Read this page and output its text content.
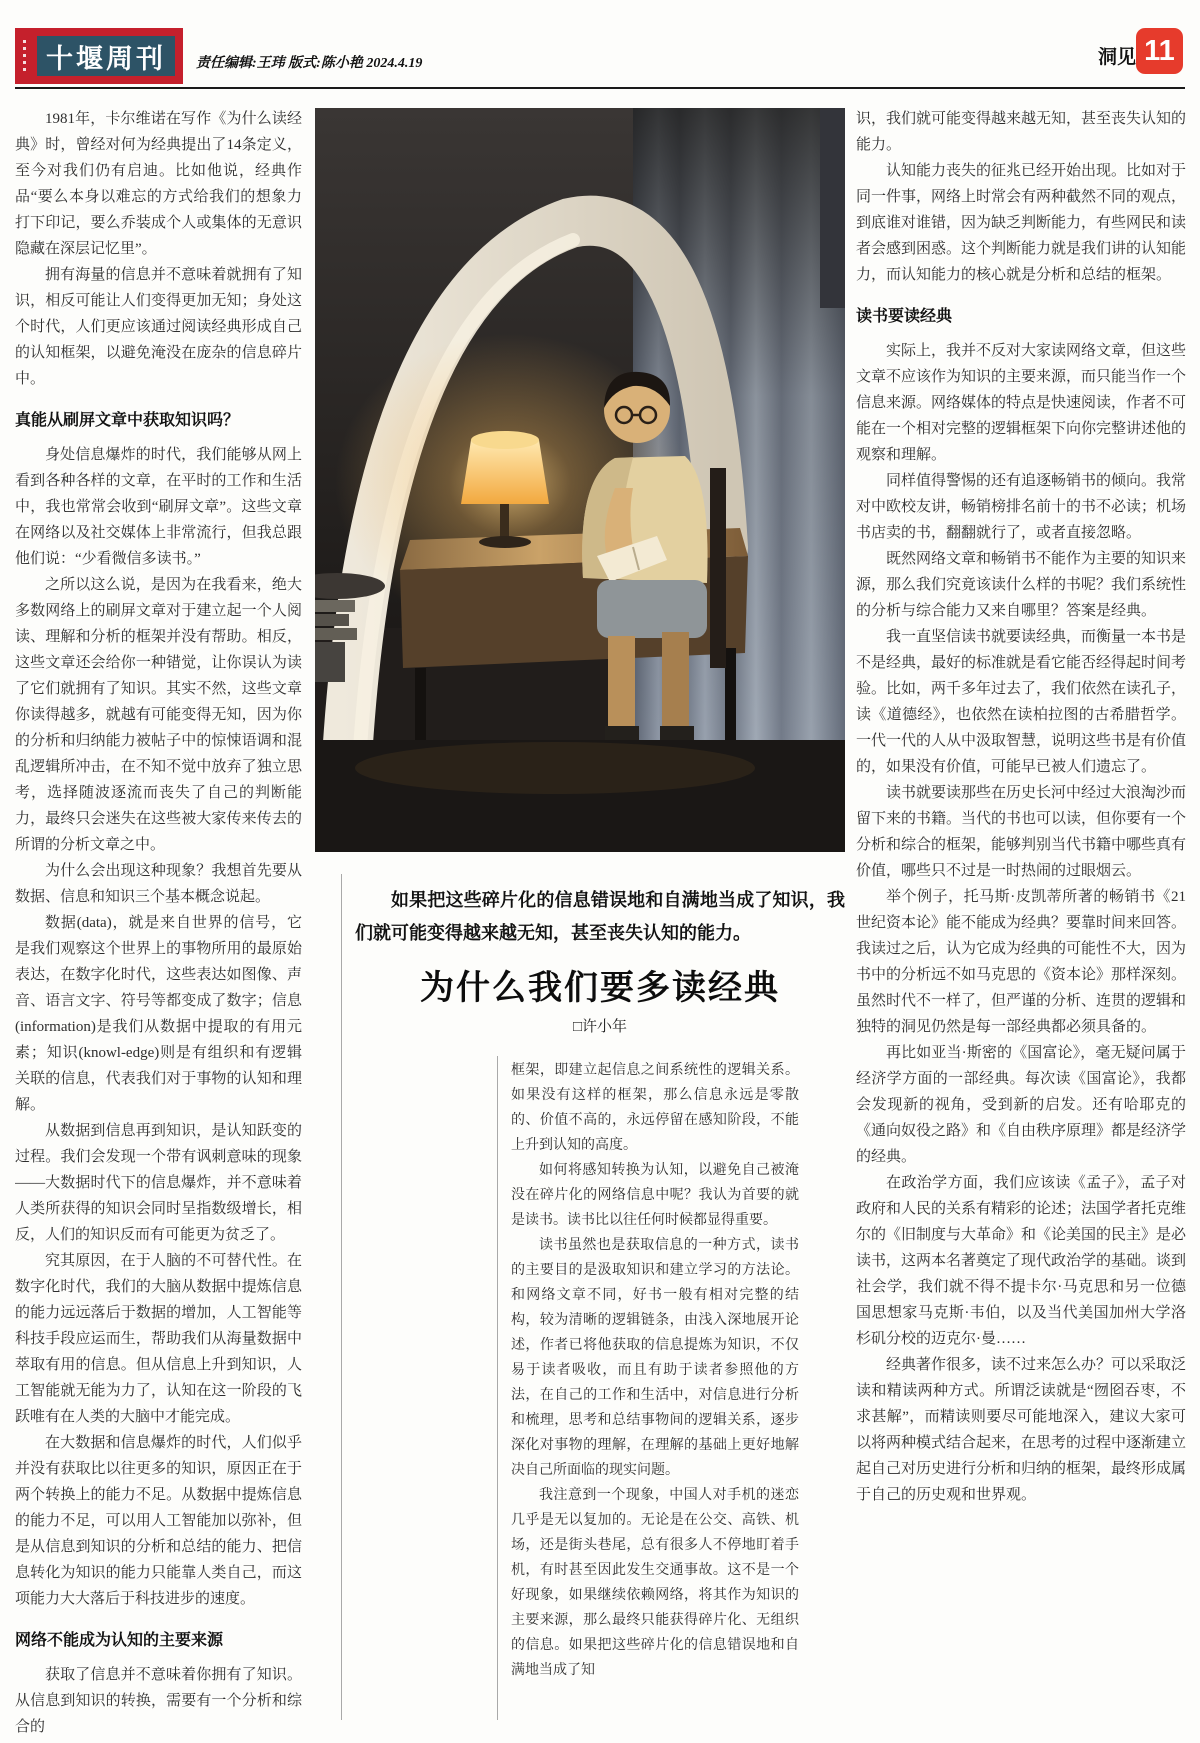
十堰周刊 责任编辑:王玮 版式:陈小艳 2024.4.19	洞见 11

1981年，卡尔维诺在写作《为什么读经典》时，曾经对何为经典提出了14条定义，至今对我们仍有启迪。比如他说，经典作品“要么本身以难忘的方式给我们的想象力打下印记，要么乔装成个人或集体的无意识隐藏在深层记忆里”。

拥有海量的信息并不意味着就拥有了知识，相反可能让人们变得更加无知；身处这个时代，人们更应该通过阅读经典形成自己的认知框架，以避免淹没在庞杂的信息碎片中。

真能从刷屏文章中获取知识吗？

身处信息爆炸的时代，我们能够从网上看到各种各样的文章，在平时的工作和生活中，我也常常会收到“刷屏文章”。这些文章在网络以及社交媒体上非常流行，但我总跟他们说：“少看微信多读书。”

之所以这么说，是因为在我看来，绝大多数网络上的刷屏文章对于建立起一个人阅读、理解和分析的框架并没有帮助。相反，这些文章还会给你一种错觉，让你误认为读了它们就拥有了知识。其实不然，这些文章你读得越多，就越有可能变得无知，因为你的分析和归纳能力被帖子中的惊悚语调和混乱逻辑所冲击，在不知不觉中放弃了独立思考，选择随波逐流而丧失了自己的判断能力，最终只会迷失在这些被大家传来传去的所谓的分析文章之中。

为什么会出现这种现象？我想首先要从数据、信息和知识三个基本概念说起。

数据(data)，就是来自世界的信号，它是我们观察这个世界上的事物所用的最原始表达，在数字化时代，这些表达如图像、声音、语言文字、符号等都变成了数字；信息(information)是我们从数据中提取的有用元素；知识(knowl-edge)则是有组织和有逻辑关联的信息，代表我们对于事物的认知和理解。

从数据到信息再到知识，是认知跃变的过程。我们会发现一个带有讽刺意味的现象——大数据时代下的信息爆炸，并不意味着人类所获得的知识会同时呈指数级增长，相反，人们的知识反而有可能更为贫乏了。

究其原因，在于人脑的不可替代性。在数字化时代，我们的大脑从数据中提炼信息的能力远远落后于数据的增加，人工智能等科技手段应运而生，帮助我们从海量数据中萃取有用的信息。但从信息上升到知识，人工智能就无能为力了，认知在这一阶段的飞跃唯有在人类的大脑中才能完成。

在大数据和信息爆炸的时代，人们似乎并没有获取比以往更多的知识，原因正在于两个转换上的能力不足。从数据中提炼信息的能力不足，可以用人工智能加以弥补，但是从信息到知识的分析和总结的能力、把信息转化为知识的能力只能靠人类自己，而这项能力大大落后于科技进步的速度。

网络不能成为认知的主要来源

获取了信息并不意味着你拥有了知识。从信息到知识的转换，需要有一个分析和综合的

如果把这些碎片化的信息错误地和自满地当成了知识，我们就可能变得越来越无知，甚至丧失认知的能力。

为什么我们要多读经典
□许小年

框架，即建立起信息之间系统性的逻辑关系。如果没有这样的框架，那么信息永远是零散的、价值不高的，永远停留在感知阶段，不能上升到认知的高度。

如何将感知转换为认知，以避免自己被淹没在碎片化的网络信息中呢？我认为首要的就是读书。读书比以往任何时候都显得重要。

读书虽然也是获取信息的一种方式，读书的主要目的是汲取知识和建立学习的方法论。和网络文章不同，好书一般有相对完整的结构，较为清晰的逻辑链条，由浅入深地展开论述，作者已将他获取的信息提炼为知识，不仅易于读者吸收，而且有助于读者参照他的方法，在自己的工作和生活中，对信息进行分析和梳理，思考和总结事物间的逻辑关系，逐步深化对事物的理解，在理解的基础上更好地解决自己所面临的现实问题。

我注意到一个现象，中国人对手机的迷恋几乎是无以复加的。无论是在公交、高铁、机场，还是街头巷尾，总有很多人不停地盯着手机，有时甚至因此发生交通事故。这不是一个好现象，如果继续依赖网络，将其作为知识的主要来源，那么最终只能获得碎片化、无组织的信息。如果把这些碎片化的信息错误地和自满地当成了知

识，我们就可能变得越来越无知，甚至丧失认知的能力。

认知能力丧失的征兆已经开始出现。比如对于同一件事，网络上时常会有两种截然不同的观点，到底谁对谁错，因为缺乏判断能力，有些网民和读者会感到困惑。这个判断能力就是我们讲的认知能力，而认知能力的核心就是分析和总结的框架。

读书要读经典

实际上，我并不反对大家读网络文章，但这些文章不应该作为知识的主要来源，而只能当作一个信息来源。网络媒体的特点是快速阅读，作者不可能在一个相对完整的逻辑框架下向你完整讲述他的观察和理解。

同样值得警惕的还有追逐畅销书的倾向。我常对中欧校友讲，畅销榜排名前十的书不必读；机场书店卖的书，翻翻就行了，或者直接忽略。

既然网络文章和畅销书不能作为主要的知识来源，那么我们究竟该读什么样的书呢？我们系统性的分析与综合能力又来自哪里？答案是经典。

我一直坚信读书就要读经典，而衡量一本书是不是经典，最好的标准就是看它能否经得起时间考验。比如，两千多年过去了，我们依然在读孔子，读《道德经》，也依然在读柏拉图的古希腊哲学。一代一代的人从中汲取智慧，说明这些书是有价值的，如果没有价值，可能早已被人们遗忘了。

读书就要读那些在历史长河中经过大浪淘沙而留下来的书籍。当代的书也可以读，但你要有一个分析和综合的框架，能够判别当代书籍中哪些真有价值，哪些只不过是一时热闹的过眼烟云。

举个例子，托马斯·皮凯蒂所著的畅销书《21世纪资本论》能不能成为经典？要靠时间来回答。我读过之后，认为它成为经典的可能性不大，因为书中的分析远不如马克思的《资本论》那样深刻。虽然时代不一样了，但严谨的分析、连贯的逻辑和独特的洞见仍然是每一部经典都必须具备的。

再比如亚当·斯密的《国富论》，毫无疑问属于经济学方面的一部经典。每次读《国富论》，我都会发现新的视角，受到新的启发。还有哈耶克的《通向奴役之路》和《自由秩序原理》都是经济学的经典。

在政治学方面，我们应该读《孟子》，孟子对政府和人民的关系有精彩的论述；法国学者托克维尔的《旧制度与大革命》和《论美国的民主》是必读书，这两本名著奠定了现代政治学的基础。谈到社会学，我们就不得不提卡尔·马克思和另一位德国思想家马克斯·韦伯，以及当代美国加州大学洛杉矶分校的迈克尔·曼……

经典著作很多，读不过来怎么办？可以采取泛读和精读两种方式。所谓泛读就是“囫囵吞枣，不求甚解”，而精读则要尽可能地深入，建议大家可以将两种模式结合起来，在思考的过程中逐渐建立起自己对历史进行分析和归纳的框架，最终形成属于自己的历史观和世界观。
